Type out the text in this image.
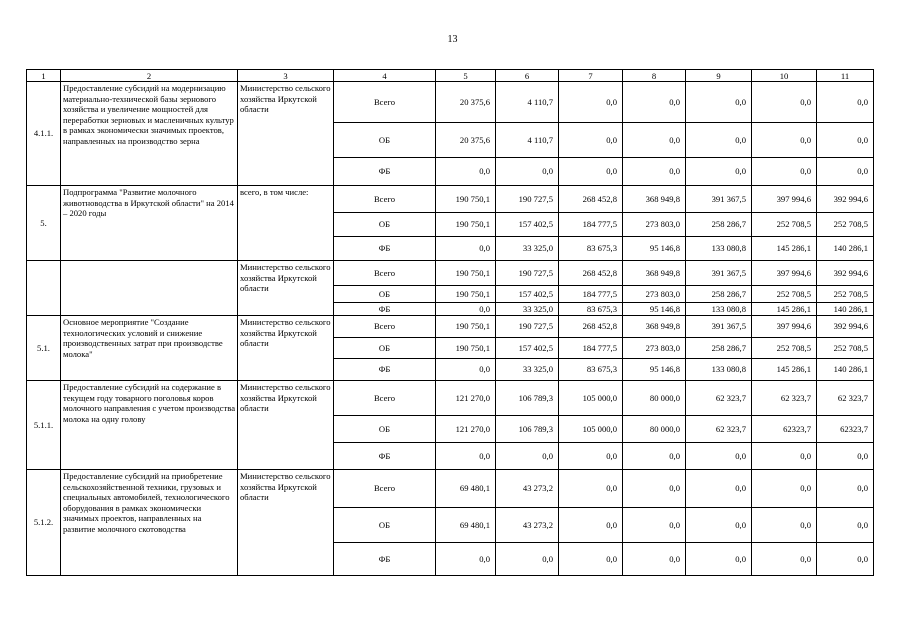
13
1	2	3	4	5	6	7	8	9	10	11
4.1.1.	Предоставление субсидий на модернизацию материально-технической базы зернового хозяйства и увеличение мощностей для переработки зерновых и масленичных культур в рамках экономически значимых проектов, направленных на производство зерна	Министерство сельского хозяйства Иркутской области	Всего	20 375,6	4 110,7	0,0	0,0	0,0	0,0	0,0
			ОБ	20 375,6	4 110,7	0,0	0,0	0,0	0,0	0,0
			ФБ	0,0	0,0	0,0	0,0	0,0	0,0	0,0
5.	Подпрограмма "Развитие молочного животноводства в Иркутской области" на 2014 – 2020 годы	всего, в том числе:	Всего	190 750,1	190 727,5	268 452,8	368 949,8	391 367,5	397 994,6	392 994,6
			ОБ	190 750,1	157 402,5	184 777,5	273 803,0	258 286,7	252 708,5	252 708,5
			ФБ	0,0	33 325,0	83 675,3	95 146,8	133 080,8	145 286,1	140 286,1
		Министерство сельского хозяйства Иркутской области	Всего	190 750,1	190 727,5	268 452,8	368 949,8	391 367,5	397 994,6	392 994,6
			ОБ	190 750,1	157 402,5	184 777,5	273 803,0	258 286,7	252 708,5	252 708,5
			ФБ	0,0	33 325,0	83 675,3	95 146,8	133 080,8	145 286,1	140 286,1
5.1.	Основное мероприятие "Создание технологических условий и снижение производственных затрат при производстве молока"	Министерство сельского хозяйства Иркутской области	Всего	190 750,1	190 727,5	268 452,8	368 949,8	391 367,5	397 994,6	392 994,6
			ОБ	190 750,1	157 402,5	184 777,5	273 803,0	258 286,7	252 708,5	252 708,5
			ФБ	0,0	33 325,0	83 675,3	95 146,8	133 080,8	145 286,1	140 286,1
5.1.1.	Предоставление субсидий на содержание в текущем году товарного поголовья коров молочного направления с учетом производства молока на одну голову	Министерство сельского хозяйства Иркутской области	Всего	121 270,0	106 789,3	105 000,0	80 000,0	62 323,7	62 323,7	62 323,7
			ОБ	121 270,0	106 789,3	105 000,0	80 000,0	62 323,7	62323,7	62323,7
			ФБ	0,0	0,0	0,0	0,0	0,0	0,0	0,0
5.1.2.	Предоставление субсидий на приобретение сельскохозяйственной техники, грузовых и специальных автомобилей, технологического оборудования в рамках экономически значимых проектов, направленных на развитие молочного скотоводства	Министерство сельского хозяйства Иркутской области	Всего	69 480,1	43 273,2	0,0	0,0	0,0	0,0	0,0
			ОБ	69 480,1	43 273,2	0,0	0,0	0,0	0,0	0,0
			ФБ	0,0	0,0	0,0	0,0	0,0	0,0	0,0
